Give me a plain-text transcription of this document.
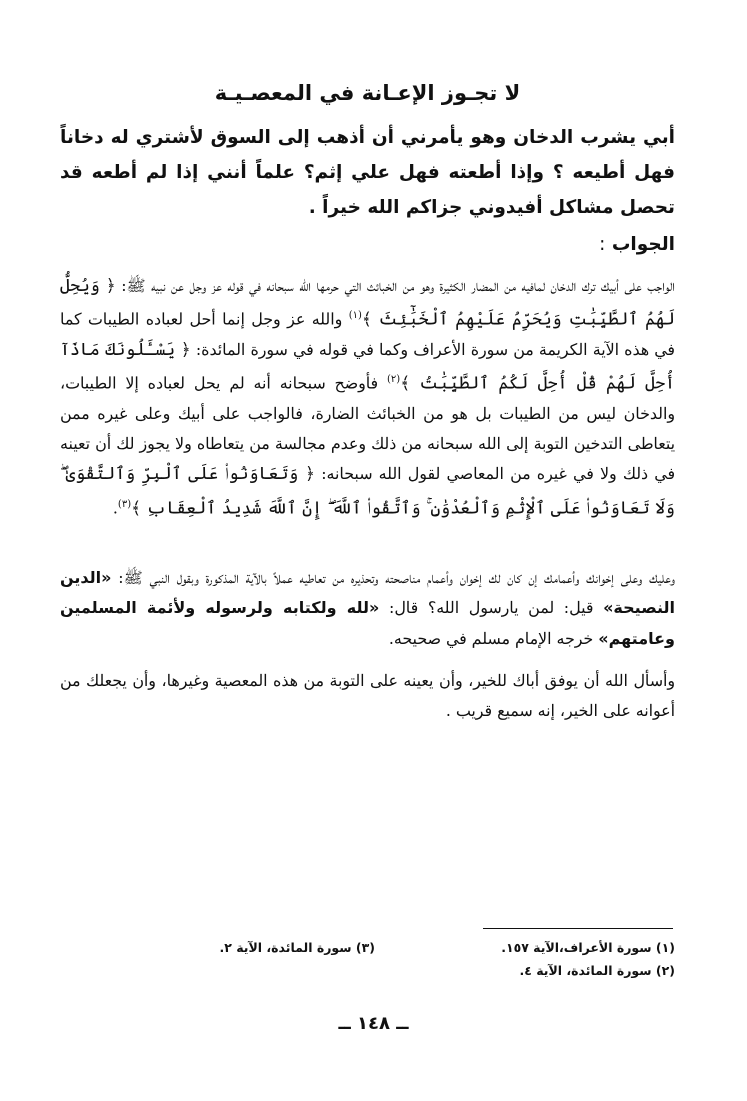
لا تجـوز الإعـانة في المعصـيـة

أبي يشرب الدخان وهو يأمرني أن أذهب إلى السوق لأشتري له دخاناً فهل أطيعه ؟ وإذا أطعته فهل علي إثم؟ علماً أنني إذا لم أطعه قد تحصل مشاكل أفيدوني جزاكم الله خيراً .

الجواب :

الواجب على أبيك ترك الدخان لمافيه من المضار الكثيرة وهو من الخبائث التي حرمها الله سبحانه في قوله عز وجل عن نبيه ﷺ: ﴿ وَيُحِلُّ لَهُمُ ٱلطَّيِّبَٰتِ وَيُحَرِّمُ عَلَيْهِمُ ٱلْخَبَٰٓئِثَ ﴾$^{(١)}$ والله عز وجل إنما أحل لعباده الطيبات كما في هذه الآية الكريمة من سورة الأعراف وكما في قوله في سورة المائدة: ﴿ يَسْـَٔلُونَكَ مَاذَآ أُحِلَّ لَهُمْ قُلْ أُحِلَّ لَكُمُ ٱلطَّيِّبَٰتُ ﴾$^{(٢)}$ فأوضح سبحانه أنه لم يحل لعباده إلا الطيبات، والدخان ليس من الطيبات بل هو من الخبائث الضارة، فالواجب على أبيك وعلى غيره ممن يتعاطى التدخين التوبة إلى الله سبحانه من ذلك وعدم مجالسة من يتعاطاه ولا يجوز لك أن تعينه في ذلك ولا في غيره من المعاصي لقول الله سبحانه: ﴿ وَتَعَاوَنُوا۟ عَلَى ٱلْبِرِّ وَٱلتَّقْوَىٰ ۖ وَلَا تَعَاوَنُوا۟ عَلَى ٱلْإِثْمِ وَٱلْعُدْوَٰنِ ۚ وَٱتَّقُوا۟ ٱللَّهَ ۖ إِنَّ ٱللَّهَ شَدِيدُ ٱلْعِقَابِ ﴾$^{(٣)}$.

وعليك وعلى إخوانك وأعمامك إن كان لك إخوان وأعمام مناصحته وتحذيره من تعاطيه عملاً بالآية المذكورة وبقول النبي ﷺ: «الدين النصيحة» قيل: لمن يارسول الله؟ قال: «لله ولكتابه ولرسوله ولأئمة المسلمين وعامتهم» خرجه الإمام مسلم في صحيحه.

وأسأل الله أن يوفق أباك للخير، وأن يعينه على التوبة من هذه المعصية وغيرها، وأن يجعلك من أعوانه على الخير، إنه سميع قريب .

(١) سورة الأعراف،الآية ١٥٧.
(٣) سورة المائدة، الآية ٢.
(٢) سورة المائدة، الآية ٤.
ــ ١٤٨ ــ
